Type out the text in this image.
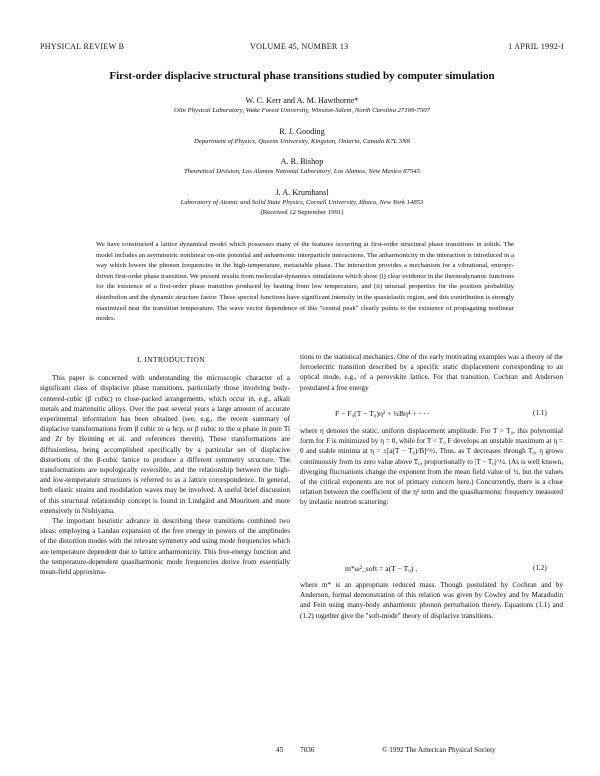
PHYSICAL REVIEW B	VOLUME 45, NUMBER 13	1 APRIL 1992-I
First-order displacive structural phase transitions studied by computer simulation
W. C. Kerr and A. M. Hawthorne*
Olin Physical Laboratory, Wake Forest University, Winston-Salem, North Carolina 27109-7507
R. J. Gooding
Department of Physics, Queens University, Kingston, Ontario, Canada K7L 3N6
A. R. Bishop
Theoretical Division, Los Alamos National Laboratory, Los Alamos, New Mexico 87545
J. A. Krumhansl
Laboratory of Atomic and Solid State Physics, Cornell University, Ithaca, New York 14853
(Received 12 September 1991)
We have constructed a lattice dynamical model which possesses many of the features occurring at first-order structural phase transitions in solids. The model includes an asymmetric nonlinear on-site potential and anharmonic interparticle interactions. The anharmonicity in the interaction is introduced in a way which lowers the phonon frequencies in the high-temperature, metastable phase. The interaction provides a mechanism for a vibrational, entropy-driven first-order phase transition. We present results from molecular-dynamics simulations which show (i) clear evidence in the thermodynamic functions for the existence of a first-order phase transition produced by heating from low temperature, and (ii) unusual properties for the position probability distribution and the dynamic structure factor. These spectral functions have significant intensity in the quasielastic region, and this contribution is strongly maximized near the transition temperature. The wave vector dependence of this "central peak" clearly points to the existence of propagating nonlinear modes.

I. INTRODUCTION

This paper is concerned with understanding the microscopic character of a significant class of displacive phase transitions, particularly those involving body-centered-cubic (β cubic) to close-packed arrangements, which occur in, e.g., alkali metals and martensitic alloys. Over the past several years a large amount of accurate experimental information has been obtained (see, e.g., the recent summary of displacive transformations from β cubic to ω hcp, or β cubic to the α phase in pure Ti and Zr by Heiming et al. and references therein). These transformations are diffusionless, being accomplished specifically by a particular set of displacive distortions of the β-cubic lattice to produce a different symmetry structure. The transformations are topologically reversible, and the relationship between the high- and low-temperature structures is referred to as a lattice correspondence. In general, both elastic strains and modulation waves may be involved. A useful brief discussion of this structural relationship concept is found in Lindgård and Mouritsen and more extensively in Nishiyama.

The important heuristic advance in describing these transitions combined two ideas: employing a Landau expansion of the free energy in powers of the amplitudes of the distortion modes with the relevant symmetry and using mode frequencies which are temperature dependent due to lattice anharmonicity. This free-energy function and the temperature-dependent quasiharmonic mode frequencies derive from essentially mean-field approxima-

tions to the statistical mechanics. One of the early motivating examples was a theory of the ferroelectric transition described by a specific static displacement corresponding to an optical mode, e.g., of a perovskite lattice. For that transition, Cochran and Anderson postulated a free energy

F − F₀(T − T₀)η² + ¼Bη⁴ + · · ·	(1.1)

where η denotes the static, uniform displacement amplitude. For T > T₀, this polynomial form for F is minimized by η = 0, while for T < T₀ F develops an unstable maximum at η = 0 and stable minima at η = ±[a(T − T₀)/B]^½. Thus, as T decreases through T₀, η grows continuously from its zero value above T₀, proportionally to |T − T₀|^½. (As is well known, diverging fluctuations change the exponent from the mean field value of ½, but the values of the critical exponents are not of primary concern here.) Concurrently, there is a close relation between the coefficient of the η² term and the quasiharmonic frequency measured by inelastic neutron scattering:

m*ω²_soft = a(T − T₀) ,	(1.2)

where m* is an appropriate reduced mass. Though postulated by Cochran and by Anderson, formal demonstration of this relation was given by Cowley and by Maradudin and Fein using many-body anharmonic phonon perturbation theory. Equations (1.1) and (1.2) together give the "soft-mode" theory of displacive transitions.

45 7036	© 1992 The American Physical Society
